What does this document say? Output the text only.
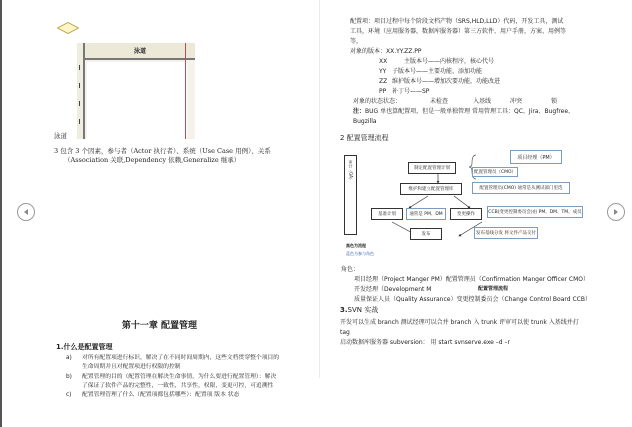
泳道
泳道
3 包含 3 个因素，参与者（Actor 执行者）、系统（Use Case 用例）、关系
（Association 关联,Dependency 依赖,Generalize 继承）
第十一章 配置管理
1.什么是配置管理
a)	对所有配置项进行标识，解决了在不同时间周期内，这些文档贯穿整个项目的
生命周期并且对配置项进行权限的控制
b)	配置管理的目的（配置管理在解决生命事情，为什么要进行配置管理）：解决
了保证了软件产品的完整性，一致性，共享性，权限，变更可控，可追溯性
c)	配置管理管理了什么（配置项都包括哪些）：配置项 版本 状态
配置项：项目过程中每个阶段文档产物（SRS,HLD,LLD）代码，开发工具，测试
工具，环境（应用服务器，数据库服务器）第三方软件、用户手册，方案、用例等
等，
对象的版本：XX.YY.ZZ.PP
XX	主版本号——内核程序，核心代号
YY 子版本号——主要功能、添加功能
ZZ 维护版本号——增加次要功能，功能改进
PP 补丁号——SP
对象的状态状态：	未检查	入基线	冲突	锁
注：BUG 单也算配置项，但是一般单独管理 常用管理工具：QC、Jira、Bugfree、
Bugzilla
2 配置管理流程
审计（QA）	制定配置管理计划
维护和建立配置管理库
基准计划	通常是 PM、DM	变更操作
发布
项目经理（PM）
配置管理员（CMO）
配置管理员(CMO) 通常是从测试部门里选
CCB(变更控制委员会)由 PM、DM、TM、成员
发布基线分发 将文件产品交付
黑色为流程
蓝色为参与角色
角色：
项目经理（Project Manger PM）配置管理员（Confirmation Manger Officer CMO）
开发经理（Development M	配置管理流程
质量保证人员（Quality Assurance）变更控制委员会（Change Control Board CCB）
3.SVN 实战
开发可以生成 branch 测试经理可以合并 branch 入 trunk 评审可以使 trunk 入基线并打
tag
启动数据库服务器 subversion： 用 start svnserve.exe –d –r
